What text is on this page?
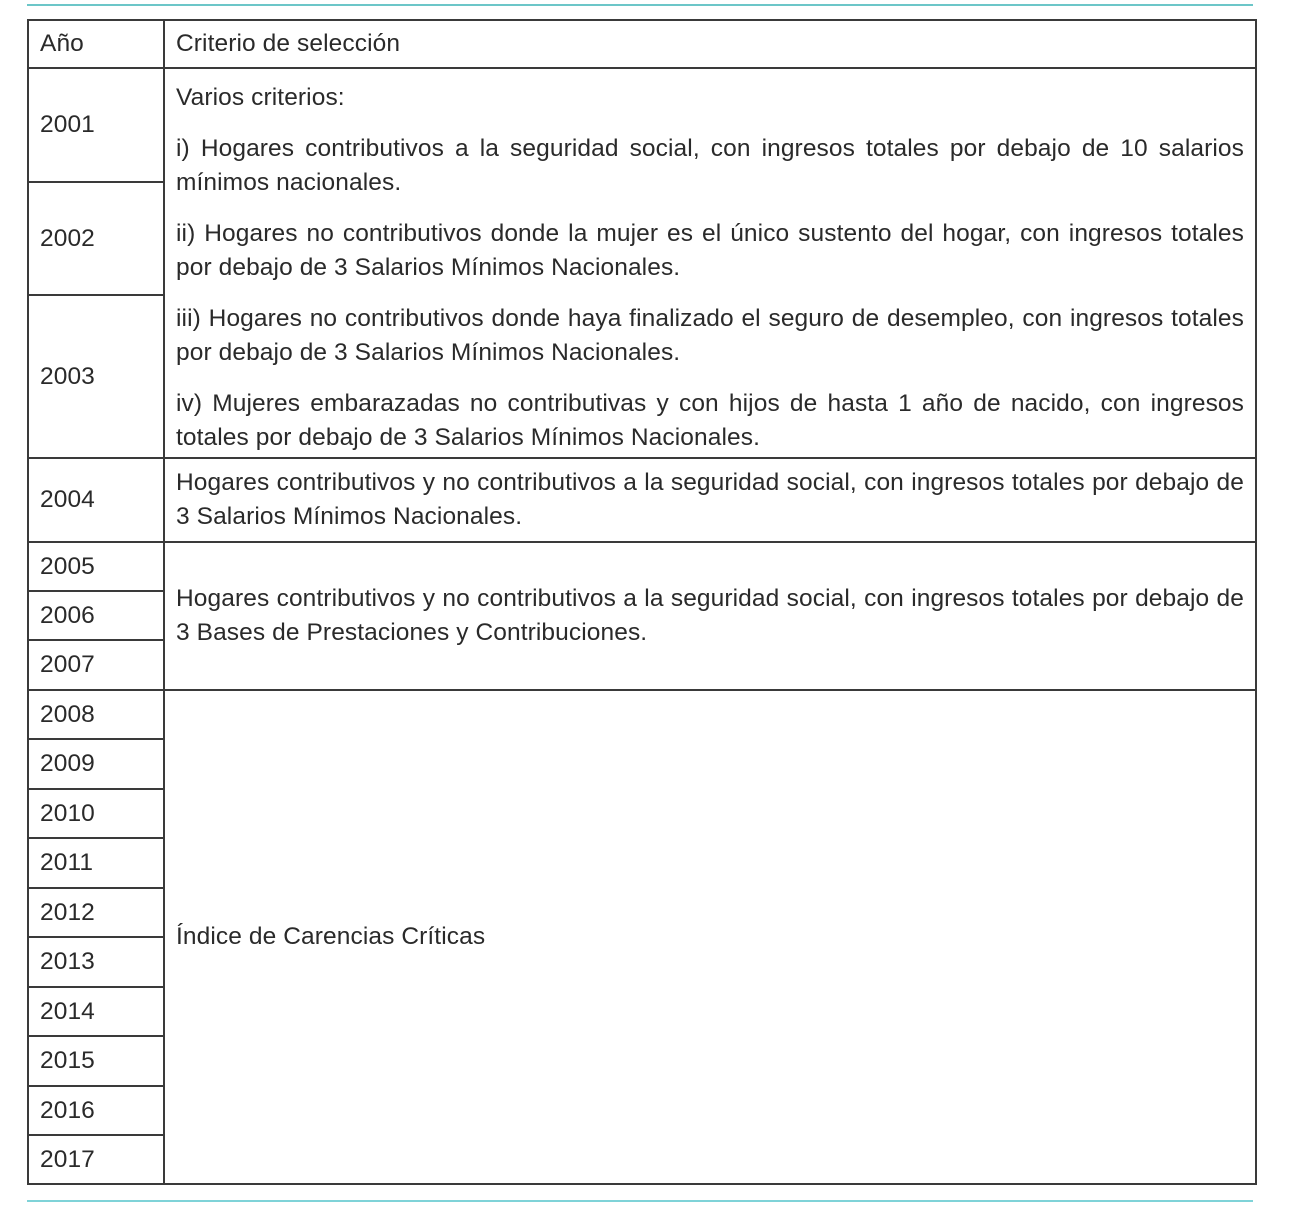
Año	Criterio de selección
2001	Varios criterios:

i) Hogares contributivos a la seguridad social, con ingresos totales por debajo de 10 salarios mínimos nacionales.

ii) Hogares no contributivos donde la mujer es el único sustento del hogar, con ingresos totales por debajo de 3 Salarios Mínimos Nacionales.

iii) Hogares no contributivos donde haya finalizado el seguro de desempleo, con ingresos totales por debajo de 3 Salarios Mínimos Nacionales.

iv) Mujeres embarazadas no contributivas y con hijos de hasta 1 año de nacido, con ingresos totales por debajo de 3 Salarios Mínimos Nacionales.

2002	
2003	
2004	Hogares contributivos y no contributivos a la seguridad social, con ingresos totales por debajo de 3 Salarios Mínimos Nacionales.

2005	Hogares contributivos y no contributivos a la seguridad social, con ingresos totales por debajo de 3 Bases de Prestaciones y Contribuciones.

2006	
2007	
2008	Índice de Carencias Críticas

2009	
2010	
2011	
2012	
2013	
2014	
2015	
2016	
2017	
